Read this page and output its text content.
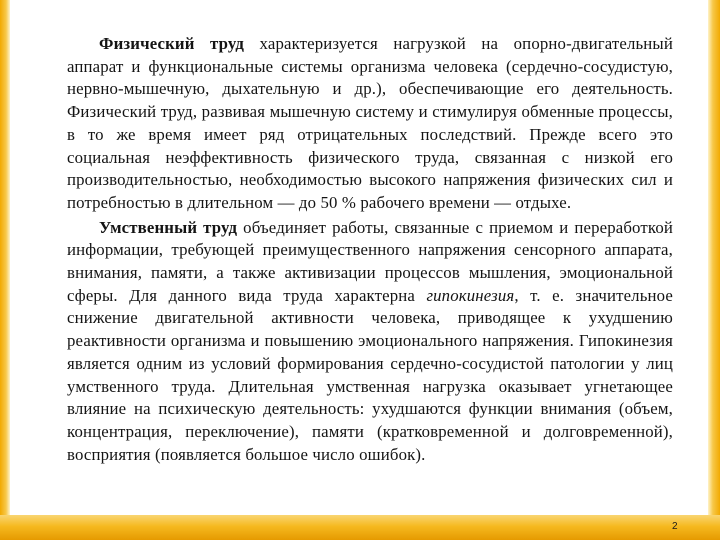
Физический труд характеризуется нагрузкой на опорно-двигательный аппарат и функциональные системы организма человека (сердечно-сосудистую, нервно-мышечную, дыхательную и др.), обеспечивающие его деятельность. Физический труд, развивая мышечную систему и стимулируя обменные процессы, в то же время имеет ряд отрицательных последствий. Прежде всего это социальная неэффективность физического труда, связанная с низкой его производительностью, необходимостью высокого напряжения физических сил и потребностью в длительном — до 50 % рабочего времени — отдыхе.

Умственный труд объединяет работы, связанные с приемом и переработкой информации, требующей преимущественного напряжения сенсорного аппарата, внимания, памяти, а также активизации процессов мышления, эмоциональной сферы. Для данного вида труда характерна гипокинезия, т. е. значительное снижение двигательной активности человека, приводящее к ухудшению реактивности организма и повышению эмоционального напряжения. Гипокинезия является одним из условий формирования сердечно-сосудистой патологии у лиц умственного труда. Длительная умственная нагрузка оказывает угнетающее влияние на психическую деятельность: ухудшаются функции внимания (объем, концентрация, переключение), памяти (кратковременной и долговременной), восприятия (появляется большое число ошибок).

2
